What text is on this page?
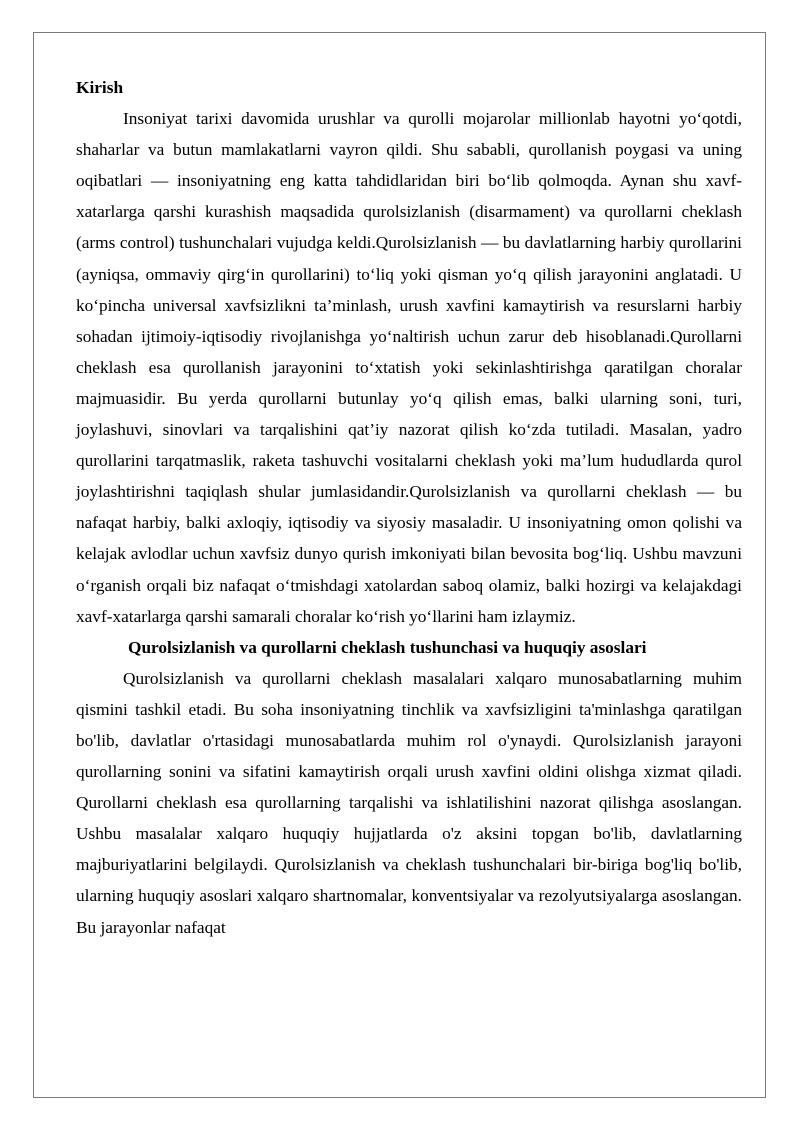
Kirish

Insoniyat tarixi davomida urushlar va qurolli mojarolar millionlab hayotni yo‘qotdi, shaharlar va butun mamlakatlarni vayron qildi. Shu sababli, qurollanish poygasi va uning oqibatlari — insoniyatning eng katta tahdidlaridan biri bo‘lib qolmoqda. Aynan shu xavf-xatarlarga qarshi kurashish maqsadida qurolsizlanish (disarmament) va qurollarni cheklash (arms control) tushunchalari vujudga keldi.Qurolsizlanish — bu davlatlarning harbiy qurollarini (ayniqsa, ommaviy qirg‘in qurollarini) to‘liq yoki qisman yo‘q qilish jarayonini anglatadi. U ko‘pincha universal xavfsizlikni ta’minlash, urush xavfini kamaytirish va resurslarni harbiy sohadan ijtimoiy-iqtisodiy rivojlanishga yo‘naltirish uchun zarur deb hisoblanadi.Qurollarni cheklash esa qurollanish jarayonini to‘xtatish yoki sekinlashtirishga qaratilgan choralar majmuasidir. Bu yerda qurollarni butunlay yo‘q qilish emas, balki ularning soni, turi, joylashuvi, sinovlari va tarqalishini qat’iy nazorat qilish ko‘zda tutiladi. Masalan, yadro qurollarini tarqatmaslik, raketa tashuvchi vositalarni cheklash yoki ma’lum hududlarda qurol joylashtirishni taqiqlash shular jumlasidandir.Qurolsizlanish va qurollarni cheklash — bu nafaqat harbiy, balki axloqiy, iqtisodiy va siyosiy masaladir. U insoniyatning omon qolishi va kelajak avlodlar uchun xavfsiz dunyo qurish imkoniyati bilan bevosita bog‘liq. Ushbu mavzuni o‘rganish orqali biz nafaqat o‘tmishdagi xatolardan saboq olamiz, balki hozirgi va kelajakdagi xavf-xatarlarga qarshi samarali choralar ko‘rish yo‘llarini ham izlaymiz.

Qurolsizlanish va qurollarni cheklash tushunchasi va huquqiy asoslari

Qurolsizlanish va qurollarni cheklash masalalari xalqaro munosabatlarning muhim qismini tashkil etadi. Bu soha insoniyatning tinchlik va xavfsizligini ta'minlashga qaratilgan bo'lib, davlatlar o'rtasidagi munosabatlarda muhim rol o'ynaydi. Qurolsizlanish jarayoni qurollarning sonini va sifatini kamaytirish orqali urush xavfini oldini olishga xizmat qiladi. Qurollarni cheklash esa qurollarning tarqalishi va ishlatilishini nazorat qilishga asoslangan. Ushbu masalalar xalqaro huquqiy hujjatlarda o'z aksini topgan bo'lib, davlatlarning majburiyatlarini belgilaydi. Qurolsizlanish va cheklash tushunchalari bir-biriga bog'liq bo'lib, ularning huquqiy asoslari xalqaro shartnomalar, konventsiyalar va rezolyutsiyalarga asoslangan. Bu jarayonlar nafaqat
